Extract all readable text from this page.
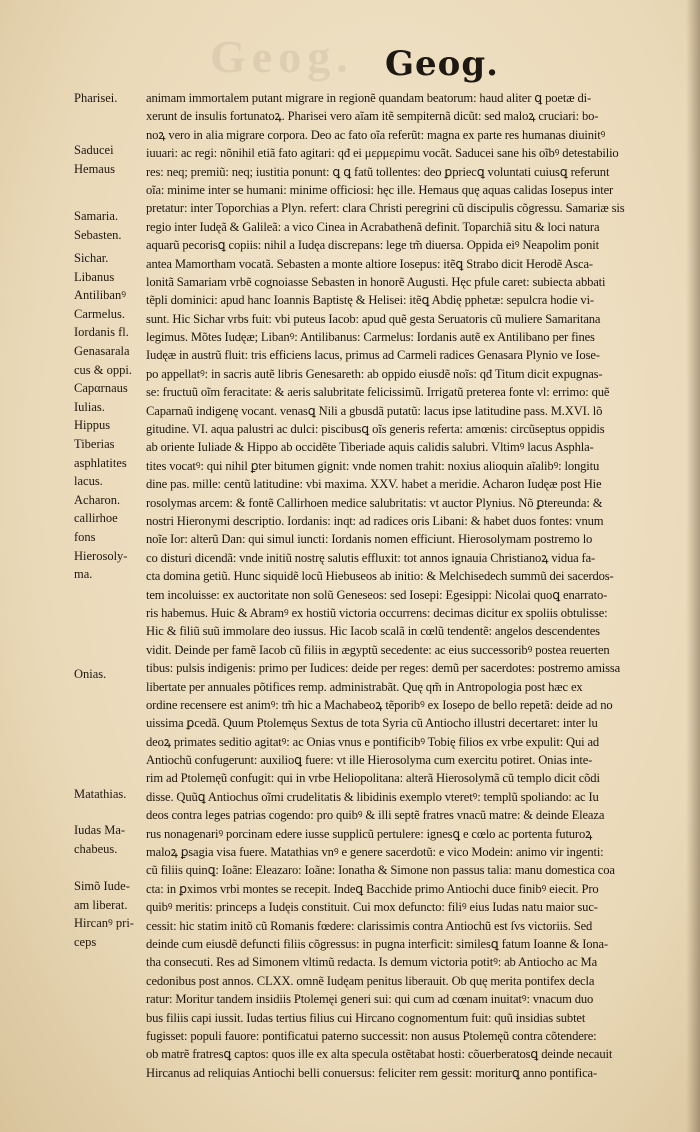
Geog. Geog.
Pharisei.
Saducei
Hemaus
Samaria.
Sebasten.
Sichar.
Libanus
Antilibanꝰ
Carmelus.
Iordanis fl.
Genasarala
cus & oppi.
Capαrnaus
Iulias.
Hippus
Tiberias
asphlatites
lacus.
Acharon.
callirhoe
fons
Hierosoly-
ma.
Onias.
Matathias.
Iudas Ma-
chabeus.
Simõ Iude-
am liberat.
Hircanꝰ pri-
ceps
animam immortalem putant migrare in regionẽ quandam beatorum: haud aliter ꝗ poetæ di-
xerunt de insulis fortunatoꝝ. Pharisei vero aĩam itẽ sempiternã dicũt: sed maloꝝ cruciari: bo-
noꝝ vero in alia migrare corpora. Deo ac fato oĩa referũt: magna ex parte res humanas diuinitꝰ
iuuari: ac regi: nõnihil etiã fato agitari: qđ ei μερμερimu vocãt. Saducei sane his oĩbꝰ detestabilio
res: neq; premiũ: neq; iustitia ponunt: ꝗ ꝗ fatũ tollentes: deo ꝑpriecꝗ voluntati cuiusꝗ referunt
oĩa: minime inter se humani: minime officiosi: hęc ille. Hemaus quę aquas calidas Iosepus inter
pretatur: inter Toporchias a Plyn. refert: clara Christi peregrini cũ discipulis cõgressu. Samariæ sis
regio inter Iudęã & Galileã: a vico Cinea in Acrabathenã definit. Toparchiã situ & loci natura
aquarũ pecorisꝗ copiis: nihil a Iudęa discrepans: lege tm̃ diuersa. Oppida eiꝰ Neapolim ponit
antea Mamortham vocatã. Sebasten a monte altiore Iosepus: itẽꝗ Strabo dicit Herodẽ Asca-
lonitã Samariam vrbẽ cognoiasse Sebasten in honorẽ Augusti. Hęc pfule caret: subiecta abbati
tẽpli dominici: apud hanc Ioannis Baptistę & Helisei: itẽꝗ Abdię pphetæ: sepulcra hodie vi-
sunt. Hic Sichar vrbs fuit: vbi puteus Iacob: apud quẽ gesta Seruatoris cũ muliere Samaritana
legimus. Mõtes Iudęæ; Libanꝰ: Antilibanus: Carmelus: Iordanis autẽ ex Antilibano per fines
Iudęæ in austrũ fluit: tris efficiens lacus, primus ad Carmeli radices Genasara Plynio ve Iose-
po appellatꝰ: in sacris autẽ libris Genesareth: ab oppido eiusdẽ noĩs: qđ Titum dicit expugnas-
se: fructuũ oĩm feracitate: & aeris salubritate felicissimũ. Irrigatũ preterea fonte vl: errimo: quẽ
Caparnaũ indigenę vocant. venasꝗ Nili a gbusdã putatũ: lacus ipse latitudine pass. M.XVI. lõ
gitudine. VI. aqua palustri ac dulci: piscibusꝗ oĩs generis referta: amœnis: circũseptus oppidis
ab oriente Iuliade & Hippo ab occidẽte Tiberiade aquis calidis salubri. Vltimꝰ lacus Asphla-
tites vocatꝰ: qui nihil ꝑter bitumen gignit: vnde nomen trahit: noxius alioquin aĩalibꝰ: longitu
dine pas. mille: centũ latitudine: vbi maxima. XXV. habet a meridie. Acharon Iudęæ post Hie
rosolymas arcem: & fontẽ Callirhoen medice salubritatis: vt auctor Plynius. Nõ ꝑtereunda: &
nostri Hieronymi descriptio. Iordanis: inqt: ad radices oris Libani: & habet duos fontes: vnum
noĩe Ior: alterũ Dan: qui simul iuncti: Iordanis nomen efficiunt. Hierosolymam postremo lo
co disturi dicendã: vnde initiũ nostrę salutis effluxit: tot annos ignauia Christianoꝝ vidua fa-
cta domina getiũ. Hunc siquidẽ locũ Hiebuseos ab initio: & Melchisedech summũ dei sacerdos-
tem incoluisse: ex auctoritate non solũ Geneseos: sed Iosepi: Egesippi: Nicolai quoꝗ enarrato-
ris habemus. Huic & Abramꝰ ex hostiũ victoria occurrens: decimas dicitur ex spoliis obtulisse:
Hic & filiũ suũ immolare deo iussus. Hic Iacob scalã in cœlũ tendentẽ: angelos descendentes
vidit. Deinde per famẽ Iacob cũ filiis in ægyptũ secedente: ac eius successoribꝰ postea reuerten
tibus: pulsis indigenis: primo per Iudices: deide per reges: demũ per sacerdotes: postremo amissa
libertate per annuales põtifices remp. administrabãt. Quę qm̃ in Antropologia post hæc ex
ordine recensere est animꝰ: tm̃ hic a Machabeoꝝ tẽporibꝰ ex Iosepo de bello repetã: deide ad no
uissima ꝑcedã. Quum Ptolemęus Sextus de tota Syria cũ Antiocho illustri decertaret: inter lu
deoꝝ primates seditio agitatꝰ: ac Onias vnus e pontificibꝰ Tobię filios ex vrbe expulit: Qui ad
Antiochũ confugerunt: auxilioꝗ fuere: vt ille Hierosolyma cum exercitu potiret. Onias inte-
rim ad Ptolemęũ confugit: qui in vrbe Heliopolitana: alterã Hierosolymã cũ templo dicit cõdi
disse. Quũꝗ Antiochus oĩmi crudelitatis & libidinis exemplo vteretꝰ: templũ spoliando: ac Iu
deos contra leges patrias cogendo: pro quibꝰ & illi septẽ fratres vnacũ matre: & deinde Eleaza
rus nonagenariꝰ porcinam edere iusse supplicũ pertulere: ignesꝗ e cœlo ac portenta futuroꝝ
maloꝝ ꝑsagia visa fuere. Matathias vnꝰ e genere sacerdotũ: e vico Modein: animo vir ingenti:
cũ filiis quinꝗ: Ioãne: Eleazaro: Ioãne: Ionatha & Simone non passus talia: manu domestica coa
cta: in ꝑximos vrbi montes se recepit. Indeꝗ Bacchide primo Antiochi duce finibꝰ eiecit. Pro
quibꝰ meritis: princeps a Iudęis constituit. Cui mox defuncto: filiꝰ eius Iudas natu maior suc-
cessit: hic statim initõ cũ Romanis fœdere: clarissimis contra Antiochũ est ſvs victoriis. Sed
deinde cum eiusdẽ defuncti filiis cõgressus: in pugna interficit: similesꝗ fatum Ioanne & Iona-
tha consecuti. Res ad Simonem vltimũ redacta. Is demum victoria potitꝰ: ab Antiocho ac Ma
cedonibus post annos. CLXX. omnẽ Iudęam penitus liberauit. Ob quę merita pontifex decla
ratur: Moritur tandem insidiis Ptolemęi generi sui: qui cum ad cœnam inuitatꝰ: vnacum duo
bus filiis capi iussit. Iudas tertius filius cui Hircano cognomentum fuit: quũ insidias subtet
fugisset: populi fauore: pontificatui paterno successit: non ausus Ptolemęũ contra cõtendere:
ob matrẽ fratresꝗ captos: quos ille ex alta specula ostẽtabat hosti: cõuerberatosꝗ deinde necauit
Hircanus ad reliquias Antiochi belli conuersus: feliciter rem gessit: moriturꝗ anno pontifica-
